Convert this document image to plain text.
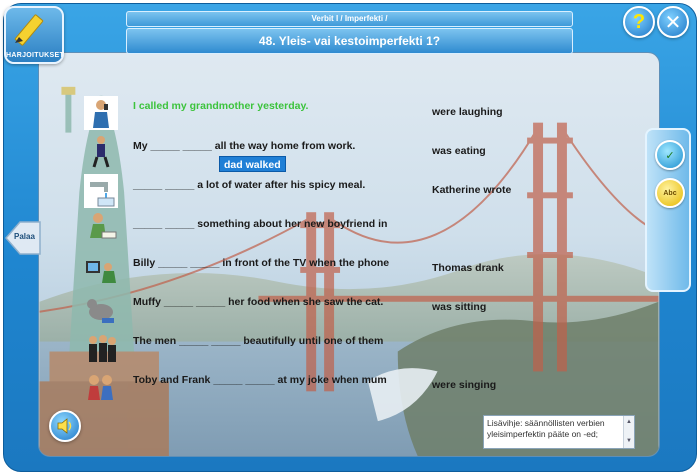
Verbit I / Imperfekti /
48. Yleis- vai kestoimperfekti 1?
HARJOITUKSET
? ✕
✓
Abc
Palaa
I called my grandmother yesterday.
My _____ _____ all the way home from work.
dad walked
_____ _____ a lot of water after his spicy meal.
_____ _____ something about her new boyfriend in
Billy _____ _____ in front of the TV when the phone
Muffy _____ _____ her food when she saw the cat.
The men _____ _____ beautifully until one of them
Toby and Frank _____ _____ at my joke when mum
were laughing
was eating
Katherine wrote
Thomas drank
was sitting
were singing
Lisävihje: säännöllisten verbien yleisimperfektin pääte on -ed;
▲
▼
